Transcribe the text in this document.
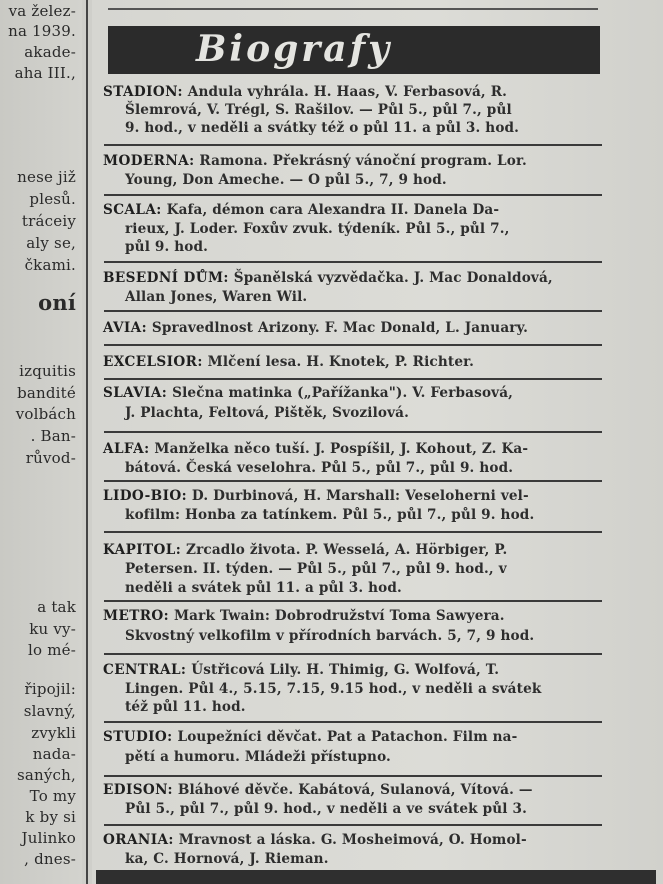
va želez-
na 1939.
akade-
aha III.,
nese již
plesů.
tráceiy
aly se,
čkami.
oní
izquitis
bandité
volbách
. Ban-
růvod-
a tak
ku vy-
lo mé-
řipojil:
slavný,
zvykli
nada-
saných,
To my
k by si
Julinko
, dnes-
Biografy
STADION: Andula vyhrála. H. Haas, V. Ferbasová, R.
Šlemrová, V. Trégl, S. Rašilov. — Půl 5., půl 7., půl
9. hod., v neděli a svátky též o půl 11. a půl 3. hod.
MODERNA: Ramona. Překrásný vánoční program. Lor.
Young, Don Ameche. — O půl 5., 7, 9 hod.
SCALA: Kafa, démon cara Alexandra II. Danela Da-
rieux, J. Loder. Foxův zvuk. týdeník. Půl 5., půl 7.,
půl 9. hod.
BESEDNÍ DŮM: Španělská vyzvědačka. J. Mac Donaldová,
Allan Jones, Waren Wil.
AVIA: Spravedlnost Arizony. F. Mac Donald, L. January.
EXCELSIOR: Mlčení lesa. H. Knotek, P. Richter.
SLAVIA: Slečna matinka („Pařížanka"). V. Ferbasová,
J. Plachta, Feltová, Pištěk, Svozilová.
ALFA: Manželka něco tuší. J. Pospíšil, J. Kohout, Z. Ka-
bátová. Česká veselohra. Půl 5., půl 7., půl 9. hod.
LIDO-BIO: D. Durbinová, H. Marshall: Veselohernі vel-
kofilm: Honba za tatínkem. Půl 5., půl 7., půl 9. hod.
KAPITOL: Zrcadlo života. P. Wesselá, A. Hörbiger, P.
Petersen. II. týden. — Půl 5., půl 7., půl 9. hod., v
neděli a svátek půl 11. a půl 3. hod.
METRO: Mark Twain: Dobrodružství Toma Sawyera.
Skvostný velkofilm v přírodních barvách. 5, 7, 9 hod.
CENTRAL: Ústřicová Lily. H. Thimig, G. Wolfová, T.
Lingen. Půl 4., 5.15, 7.15, 9.15 hod., v neděli a svátek
též půl 11. hod.
STUDIO: Loupežníci děvčat. Pat a Patachon. Film na-
pětí a humoru. Mládeži přístupno.
EDISON: Bláhové děvče. Kabátová, Sulanová, Vítová. —
Půl 5., půl 7., půl 9. hod., v neděli a ve svátek půl 3.
ORANIA: Mravnost a láska. G. Mosheimová, O. Homol-
ka, C. Hornová, J. Rieman.
